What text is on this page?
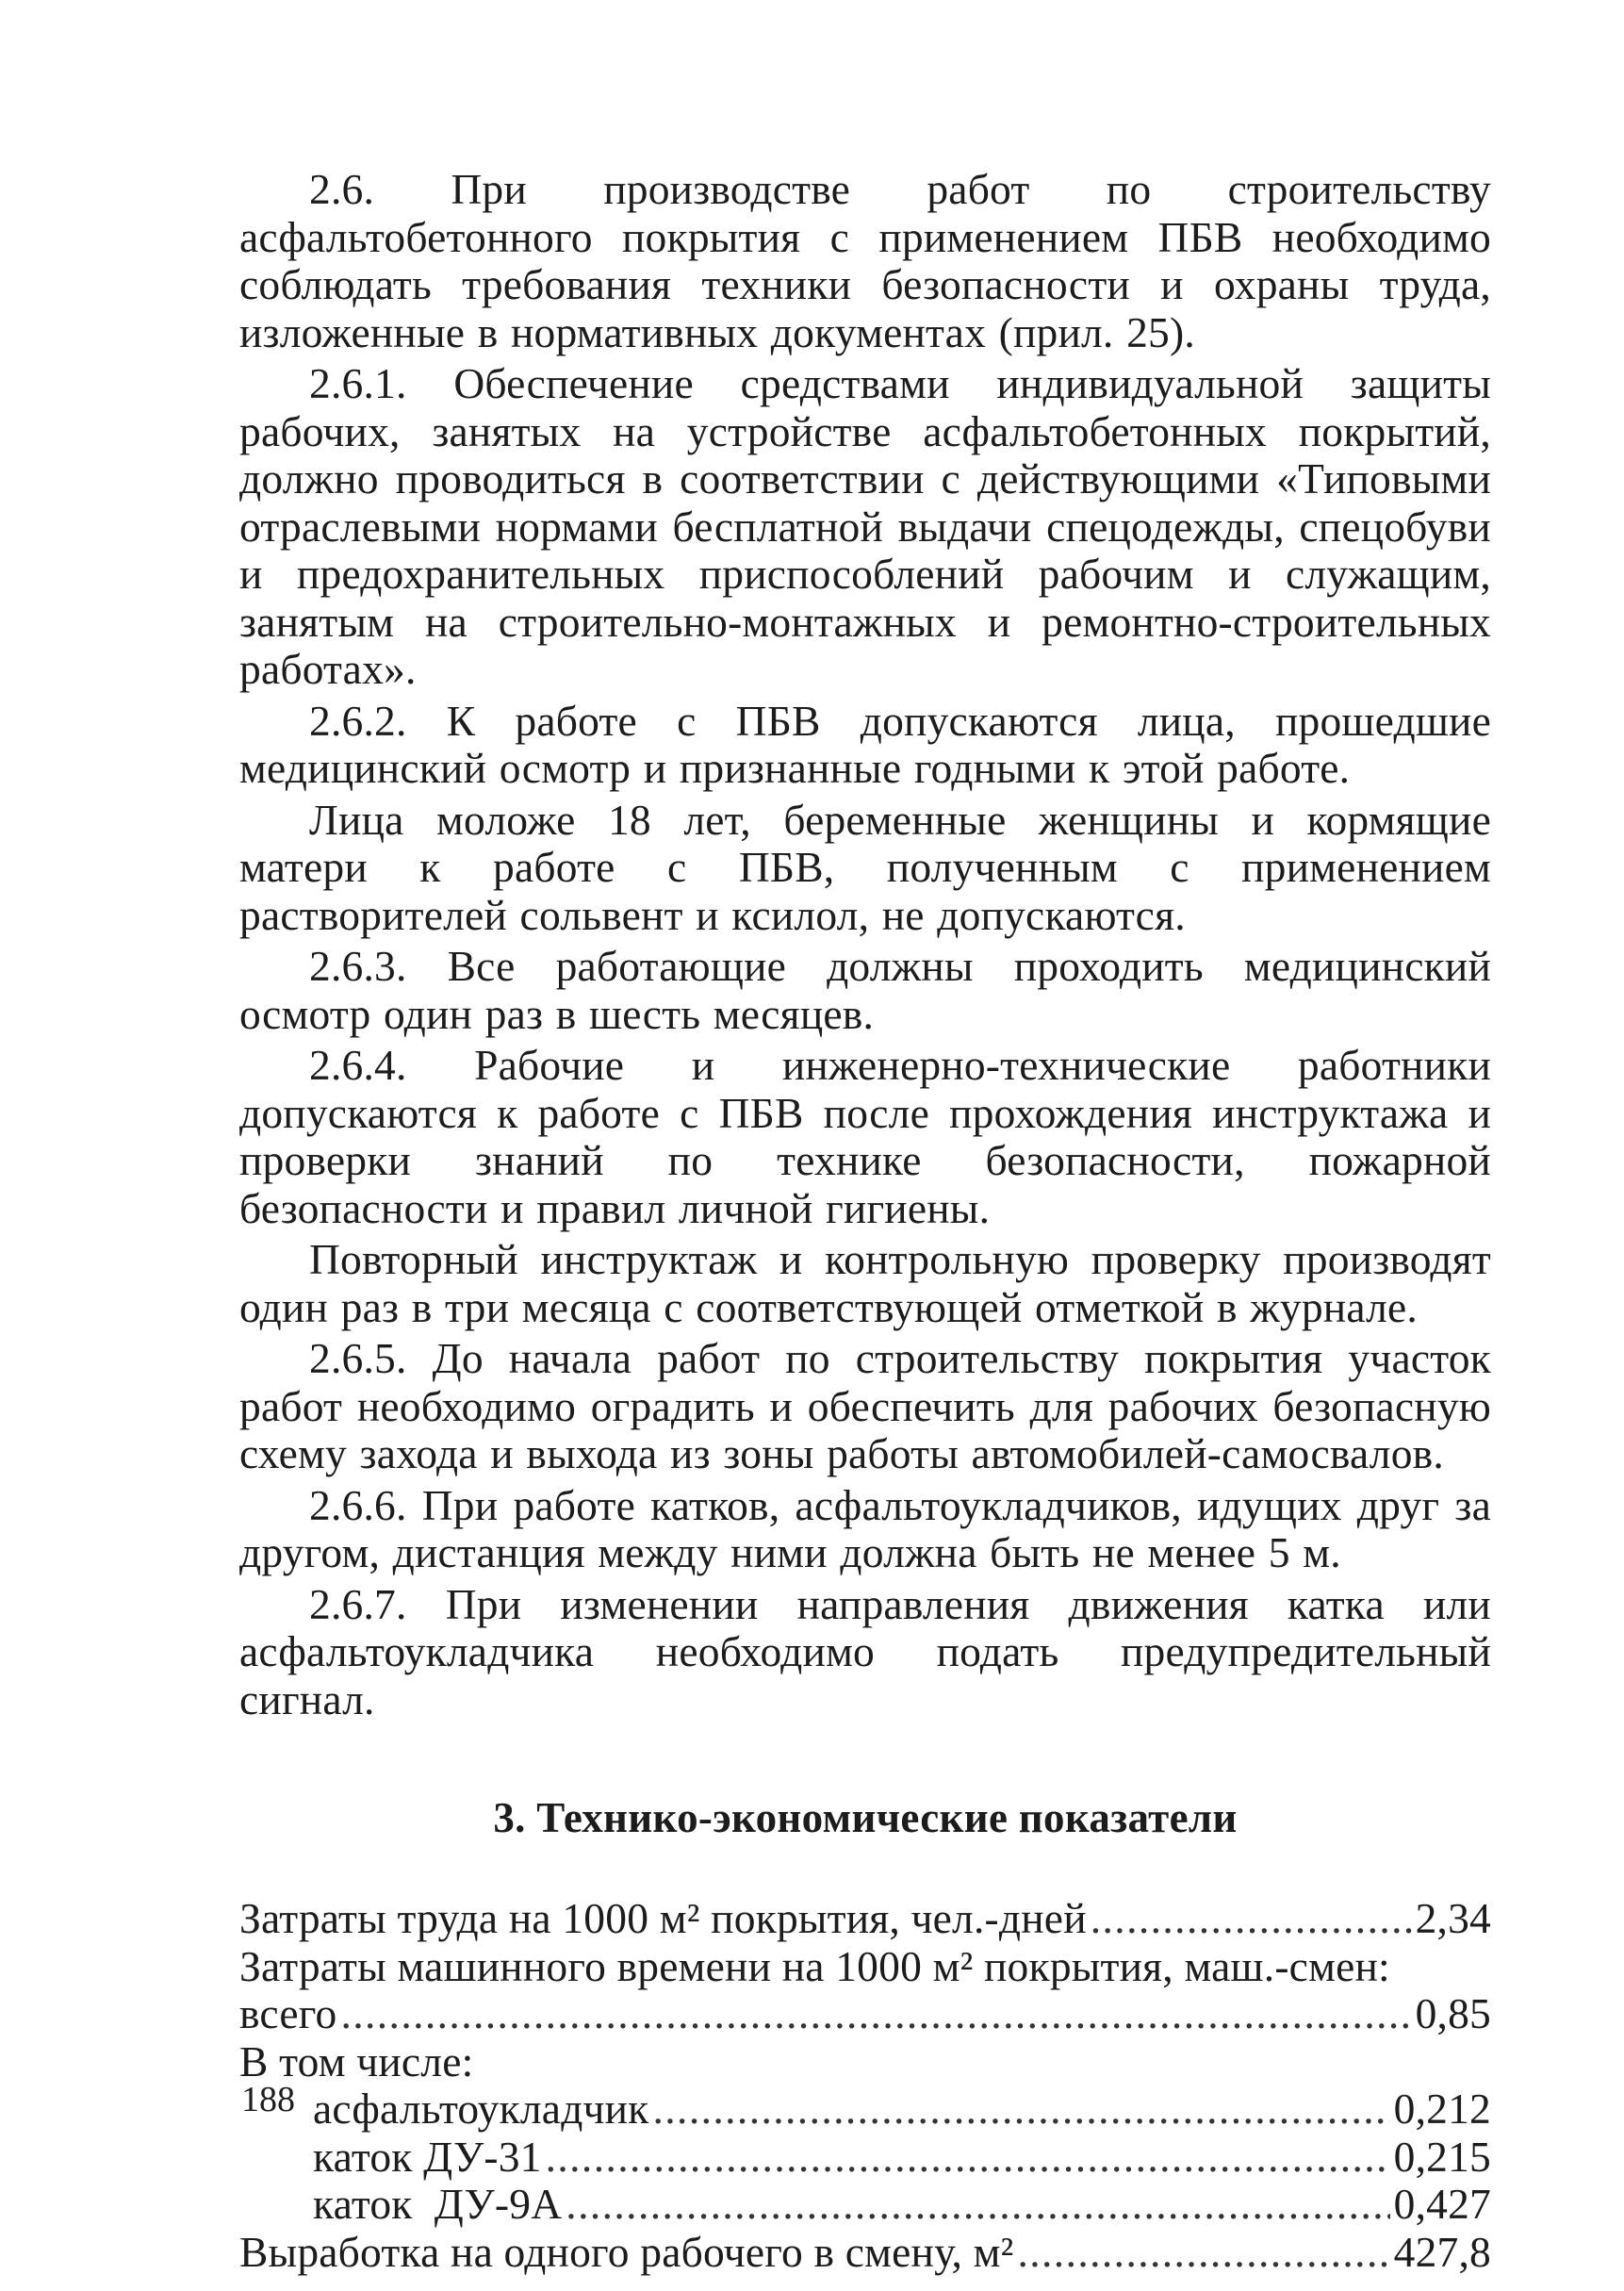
2.6. При производстве работ по строительству асфальтобетонного покрытия с применением ПБВ необходимо соблюдать требования техники безопасности и охраны труда, изложенные в нормативных документах (прил. 25).

2.6.1. Обеспечение средствами индивидуальной защиты рабочих, занятых на устройстве асфальтобетонных покрытий, должно проводиться в соответствии с действующими «Типовыми отраслевыми нормами бесплатной выдачи спецодежды, спецобуви и предохранительных приспособлений рабочим и служащим, занятым на строительно-монтажных и ремонтно-строительных работах».

2.6.2. К работе с ПБВ допускаются лица, прошедшие медицинский осмотр и признанные годными к этой работе.

Лица моложе 18 лет, беременные женщины и кормящие матери к работе с ПБВ, полученным с применением растворителей сольвент и ксилол, не допускаются.

2.6.3. Все работающие должны проходить медицинский осмотр один раз в шесть месяцев.

2.6.4. Рабочие и инженерно-технические работники допускаются к работе с ПБВ после прохождения инструктажа и проверки знаний по технике безопасности, пожарной безопасности и правил личной гигиены.

Повторный инструктаж и контрольную проверку производят один раз в три месяца с соответствующей отметкой в журнале.

2.6.5. До начала работ по строительству покрытия участок работ необходимо оградить и обеспечить для рабочих безопасную схему захода и выхода из зоны работы автомобилей-самосвалов.

2.6.6. При работе катков, асфальтоукладчиков, идущих друг за другом, дистанция между ними должна быть не менее 5 м.

2.6.7. При изменении направления движения катка или асфальтоукладчика необходимо подать предупредительный сигнал.

3. Технико-экономические показатели
Затраты труда на 1000 м² покрытия, чел.-дней .....	2,34
Затраты машинного времени на 1000 м² покрытия, маш.-смен:
всего .....	0,85
В том числе:
асфальтоукладчик .....	0,212
каток ДУ-31 .....	0,215
каток  ДУ-9А .....	0,427
Выработка на одного рабочего в смену, м² .....	427,8
188
